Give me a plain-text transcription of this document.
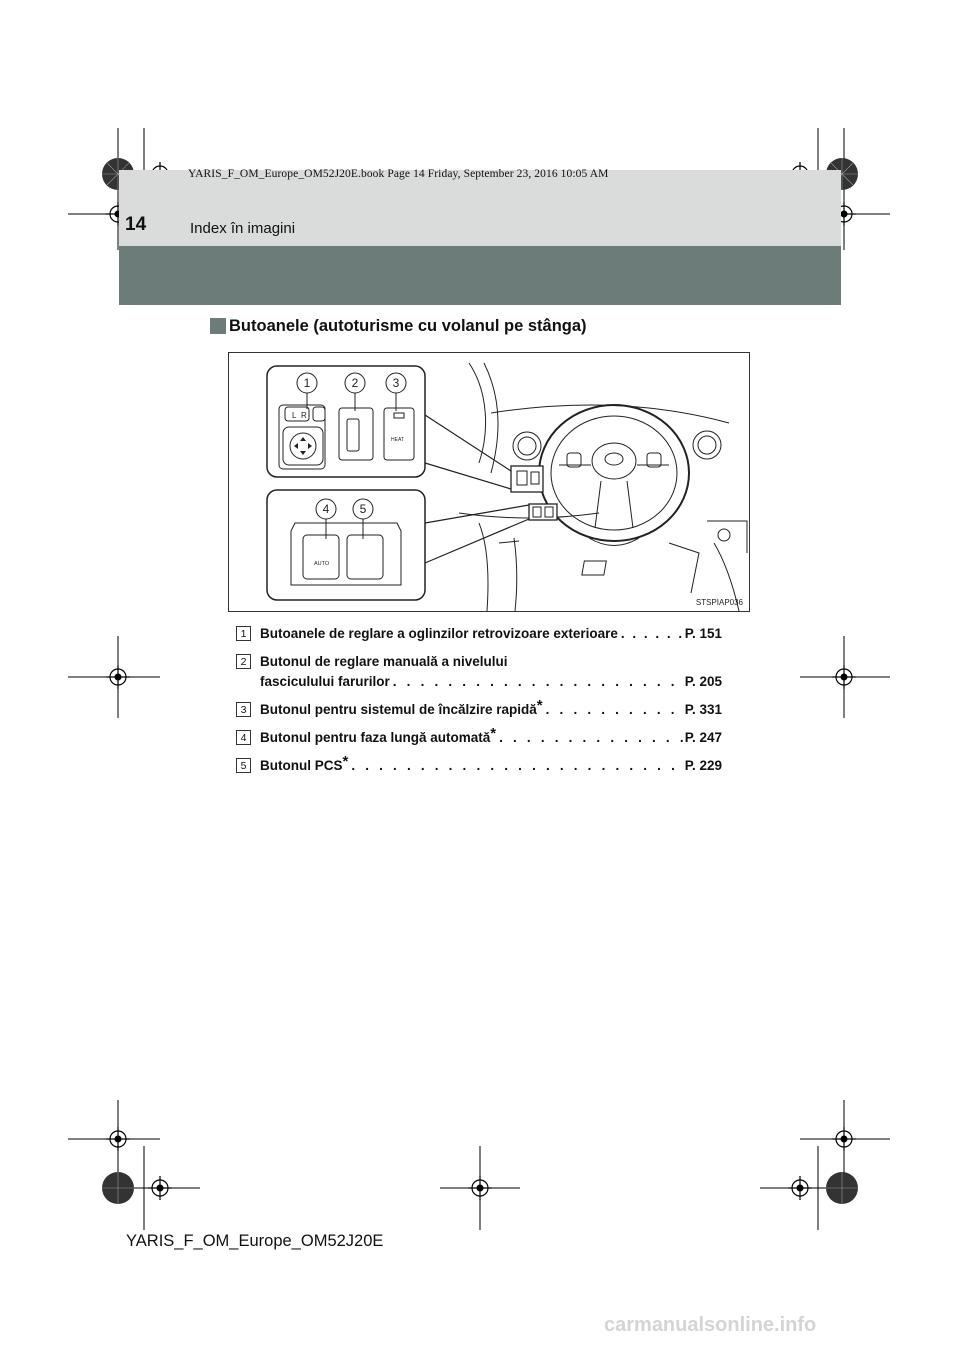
YARIS_F_OM_Europe_OM52J20E.book Page 14 Friday, September 23, 2016 10:05 AM
14	Index în imagini
Butoanele (autoturisme cu volanul pe stânga)
L R
HEAT
1	2	3
AUTO
4	5
STSPIAP036
1	Butoanele de reglare a oglinzilor retrovizoare exterioare . . .	P. 151
2	Butonul de reglare manuală a nivelului
fasciculului farurilor . . .	P. 205
3	Butonul pentru sistemul de încălzire rapidă* . . .	P. 331
4	Butonul pentru faza lungă automată* . . .	P. 247
5	Butonul PCS* . . .	P. 229
YARIS_F_OM_Europe_OM52J20E
carmanualsonline.info
